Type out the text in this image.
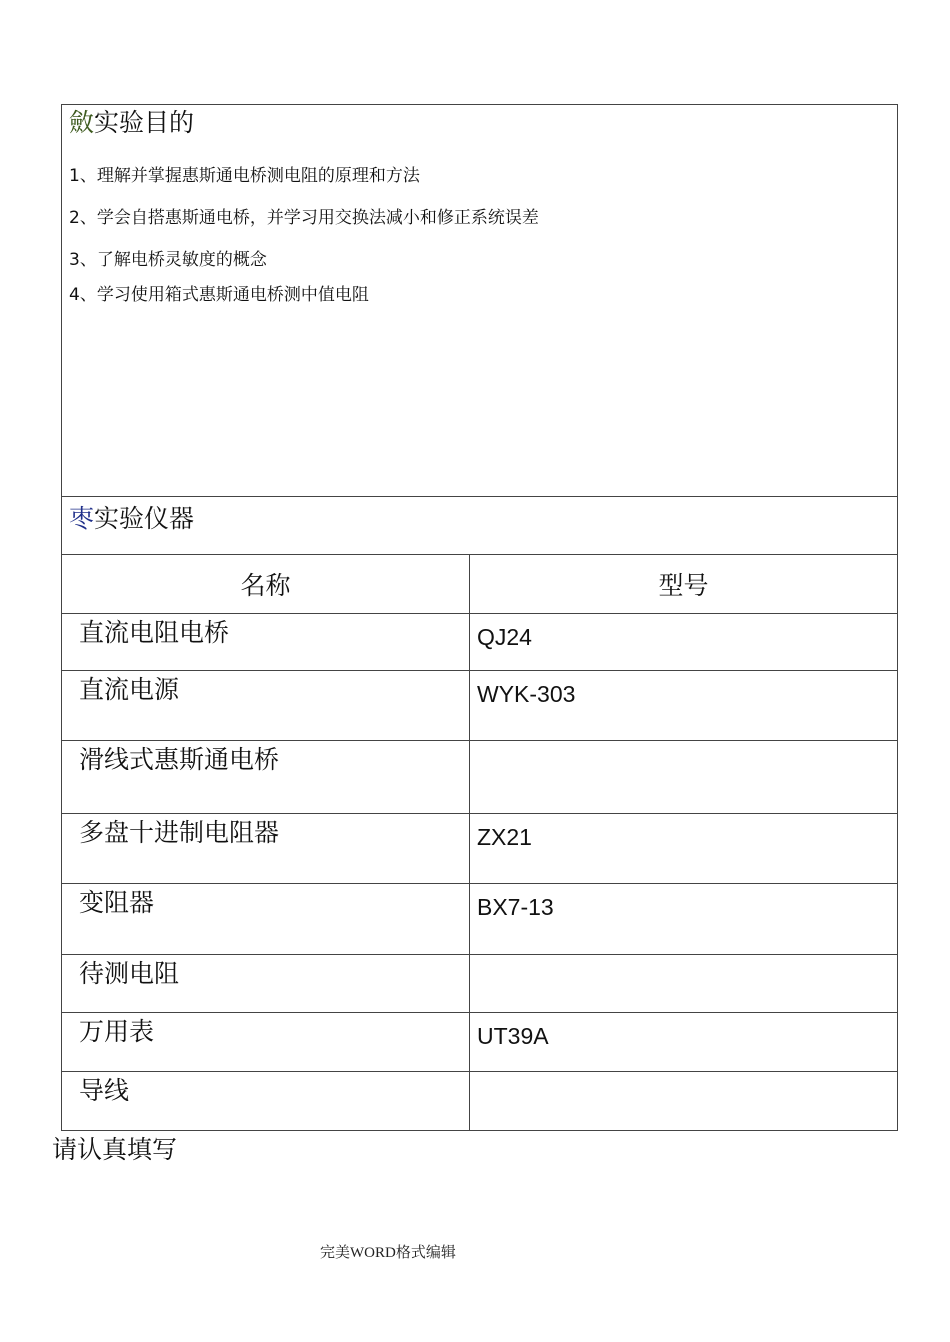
斂实验目的
1、理解并掌握惠斯通电桥测电阻的原理和方法
2、学会自搭惠斯通电桥，并学习用交换法减小和修正系统误差
3、了解电桥灵敏度的概念
4、学习使用箱式惠斯通电桥测中值电阻
枣实验仪器
名称	型号
直流电阻电桥	QJ24
直流电源	WYK-303
滑线式惠斯通电桥	
多盘十进制电阻器	ZX21
变阻器	BX7-13
待测电阻	
万用表	UT39A
导线	
请认真填写
完美WORD格式编辑
